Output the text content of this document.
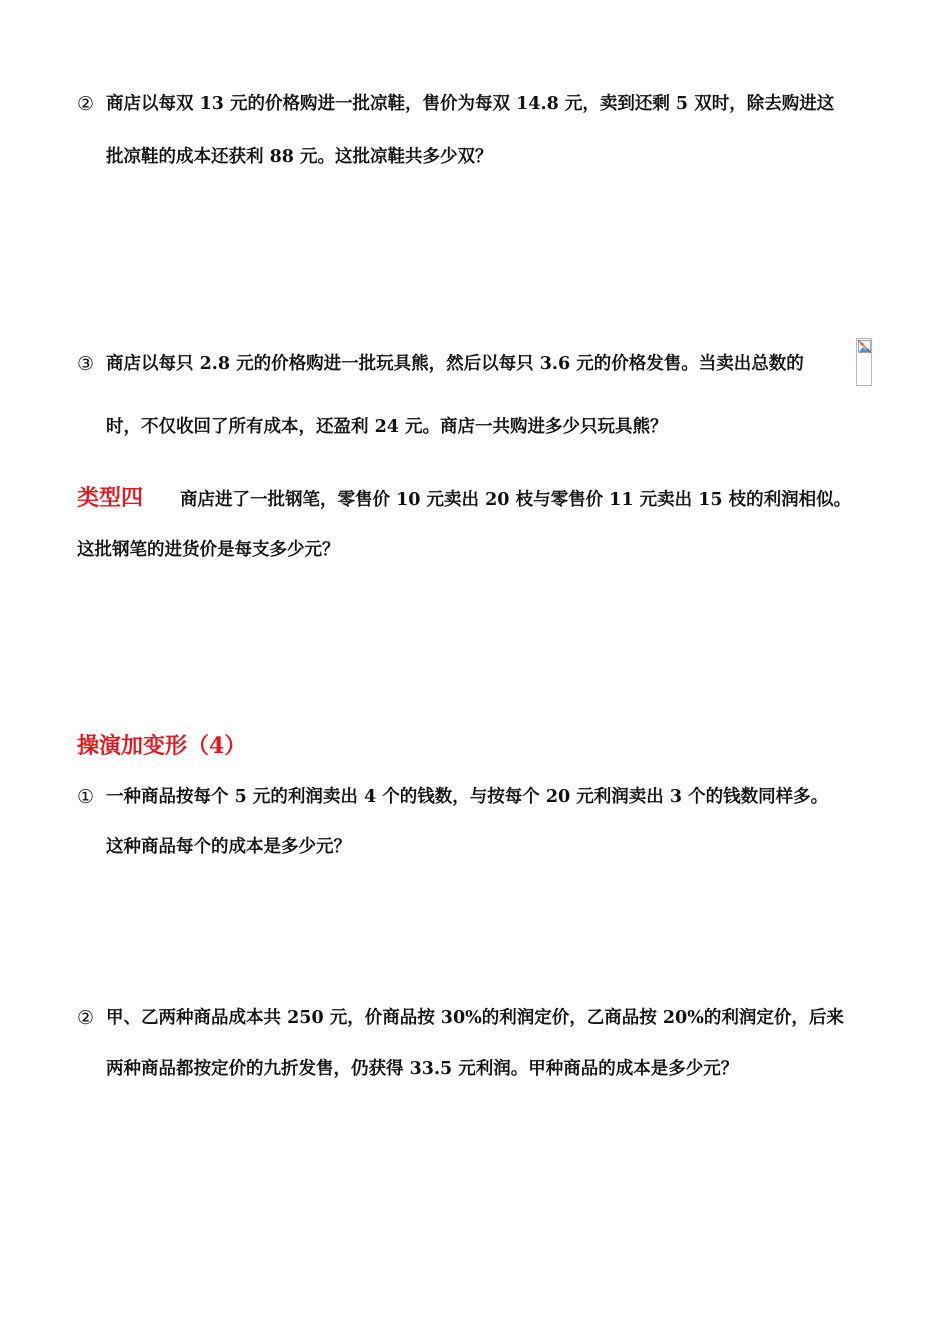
② 商店以每双 13 元的价格购进一批凉鞋，售价为每双 14.8 元，卖到还剩 5 双时，除去购进这
批凉鞋的成本还获利 88 元。这批凉鞋共多少双？
③ 商店以每只 2.8 元的价格购进一批玩具熊，然后以每只 3.6 元的价格发售。当卖出总数的
时，不仅收回了所有成本，还盈利 24 元。商店一共购进多少只玩具熊？
类型四 商店进了一批钢笔，零售价 10 元卖出 20 枝与零售价 11 元卖出 15 枝的利润相似。
这批钢笔的进货价是每支多少元？
操演加变形（4）
① 一种商品按每个 5 元的利润卖出 4 个的钱数，与按每个 20 元利润卖出 3 个的钱数同样多。
这种商品每个的成本是多少元？
② 甲、乙两种商品成本共 250 元，价商品按 30%的利润定价，乙商品按 20%的利润定价，后来
两种商品都按定价的九折发售，仍获得 33.5 元利润。甲种商品的成本是多少元？
